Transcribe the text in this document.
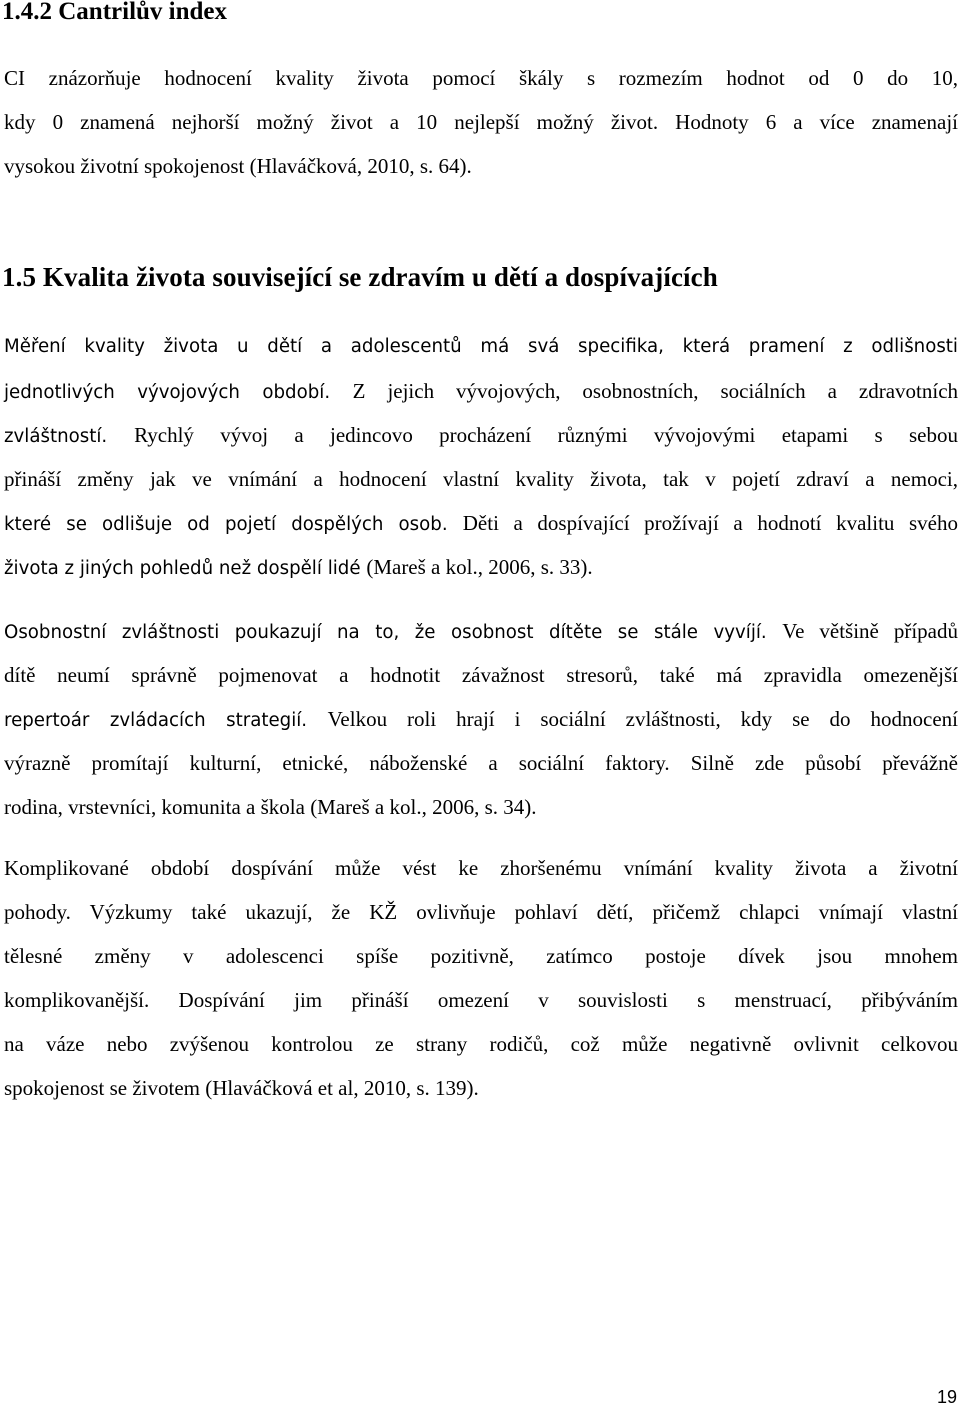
1.4.2 Cantrilův index
CI znázorňuje hodnocení kvality života pomocí škály s rozmezím hodnot od 0 do 10,
kdy 0 znamená nejhorší možný život a 10 nejlepší možný život. Hodnoty 6 a více znamenají
vysokou životní spokojenost (Hlaváčková, 2010, s. 64).
1.5 Kvalita života související se zdravím u dětí a dospívajících
Měření kvality života u dětí a adolescentů má svá specifika, která pramení z odlišnosti
jednotlivých vývojových období. Z jejich vývojových, osobnostních, sociálních a zdravotních
zvláštností. Rychlý vývoj a jedincovo procházení různými vývojovými etapami s sebou
přináší změny jak ve vnímání a hodnocení vlastní kvality života, tak v pojetí zdraví a nemoci,
které se odlišuje od pojetí dospělých osob. Děti a dospívající prožívají a hodnotí kvalitu svého
života z jiných pohledů než dospělí lidé (Mareš a kol., 2006, s. 33).
Osobnostní zvláštnosti poukazují na to, že osobnost dítěte se stále vyvíjí. Ve většině případů
dítě neumí správně pojmenovat a hodnotit závažnost stresorů, také má zpravidla omezenější
repertoár zvládacích strategií. Velkou roli hrají i sociální zvláštnosti, kdy se do hodnocení
výrazně promítají kulturní, etnické, náboženské a sociální faktory. Silně zde působí převážně
rodina, vrstevníci, komunita a škola (Mareš a kol., 2006, s. 34).
Komplikované období dospívání může vést ke zhoršenému vnímání kvality života a životní
pohody. Výzkumy také ukazují, že KŽ ovlivňuje pohlaví dětí, přičemž chlapci vnímají vlastní
tělesné změny v adolescenci spíše pozitivně, zatímco postoje dívek jsou mnohem
komplikovanější. Dospívání jim přináší omezení v souvislosti s menstruací, přibýváním
na váze nebo zvýšenou kontrolou ze strany rodičů, což může negativně ovlivnit celkovou
spokojenost se životem (Hlaváčková et al, 2010, s. 139).
19
